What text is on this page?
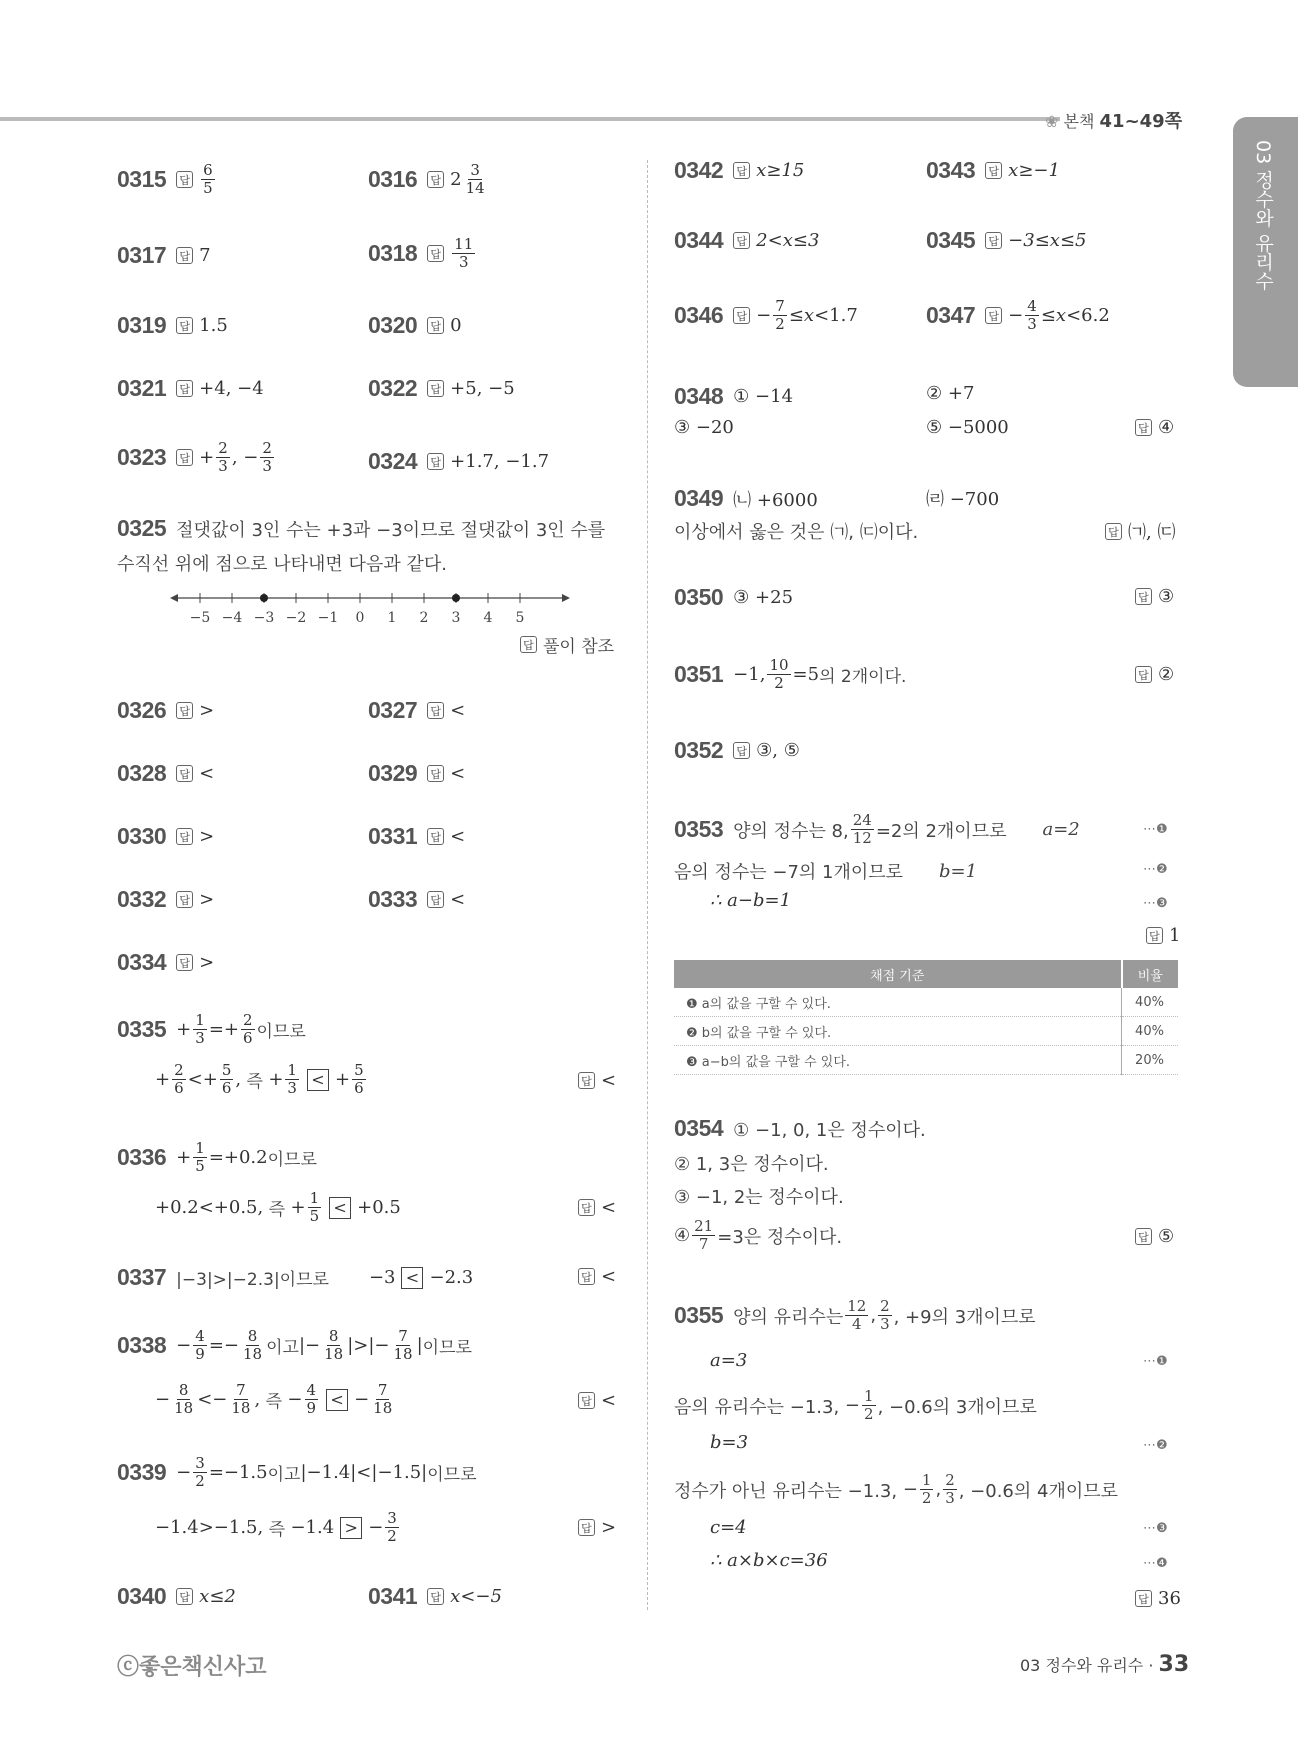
❀ 본책 41~49쪽
03 정수와 유리수
0315 답 $\frac{6}{5}$	0316 답 $2 \frac{3}{14}$
0317 답 7	0318 답 $\frac{11}{3}$
0319 답 1.5	0320 답 0
0321 답 +4, −4	0322 답 +5, −5
0323 답 + $\frac{2}{3}$ , − $\frac{2}{3}$	0324 답 +1.7, −1.7
0325 절댓값이 3인 수는 +3과 −3이므로 절댓값이 3인 수를
수직선 위에 점으로 나타내면 다음과 같다.
−5 −4 −3 −2 −1 0 1 2 3 4 5
답 풀이 참조
0326 답 >	0327 답 <
0328 답 <	0329 답 <
0330 답 >	0331 답 <
0332 답 >	0333 답 <
0334 답 >
$0335 + \frac{1}{3} =+ \frac{2}{6}$ 이므로
+ $\frac{2}{6} <+ \frac{5}{6}$ , 즉 + $\frac{1}{3}$ < + $\frac{5}{6}$	답 <
$0336 + \frac{1}{5} =+0.2$ 이므로
+0.2<+0.5, 즉 + $\frac{1}{5} < +0.5$	답 <
0337 |−3|>|−2.3|이므로 −3 < −2.3	답 <
$0338 - \frac{4}{9} =- \frac{8}{18}$ 이고 |− $\frac{8}{18}$ |>|− $\frac{7}{18}$ | 이므로
− $\frac{8}{18} <- \frac{7}{18}$ , 즉 − $\frac{4}{9}$ < − $\frac{7}{18}$	답 <
$0339 - \frac{3}{2} =-1.5$ 이고 |−1.4|<|−1.5| 이므로
−1.4>−1.5, 즉 −1.4 > − $\frac{3}{2}$	답 >
0340 답 x≤2	0341 답 x<−5
0342 답 x≥15	0343 답 x≥−1
0344 답 2<x≤3	0345 답 −3≤x≤5
0346 답 − $\frac{7}{2} \le x <1.7$	0347 답 − $\frac{4}{3} \le x <6.2$
0348 ① −14	② +7
③ −20	⑤ −5000	답 ④
0349 ㈁ +6000	㈃ −700
이상에서 옳은 것은 ㈀, ㈂이다.	답 ㈀, ㈂
0350 ③ +25	답 ③
0351 −1, $\frac{10}{2} =5$ 의 2개이다.	답 ②
0352 답 ③, ⑤
0353 양의 정수는 8, $\frac{24}{12} =2$의 2개이므로 a=2	⋯❶
음의 정수는 −7의 1개이므로 b=1	⋯❷
∴ a−b=1	⋯❸
답 1
채점 기준	비율
❶ a의 값을 구할 수 있다.	40%
❷ b의 값을 구할 수 있다.	40%
❸ a−b의 값을 구할 수 있다.	20%
0354 ① −1, 0, 1은 정수이다.
② 1, 3은 정수이다.
③ −1, 2는 정수이다.
④ $\frac{21}{7} =3$은 정수이다.	답 ⑤
0355 양의 유리수는 $\frac{12}{4}$ , $\frac{2}{3}$ , +9의 3개이므로
a=3	⋯❶
음의 유리수는 −1.3, − $\frac{1}{2}$ , −0.6의 3개이므로
b=3	⋯❷
정수가 아닌 유리수는 −1.3, − $\frac{1}{2}$ , $\frac{2}{3}$ , −0.6의 4개이므로
c=4	⋯❸
∴ a×b×c=36	⋯❹
답 36
ⓒ좋은책신사고	03 정수와 유리수 · 33
